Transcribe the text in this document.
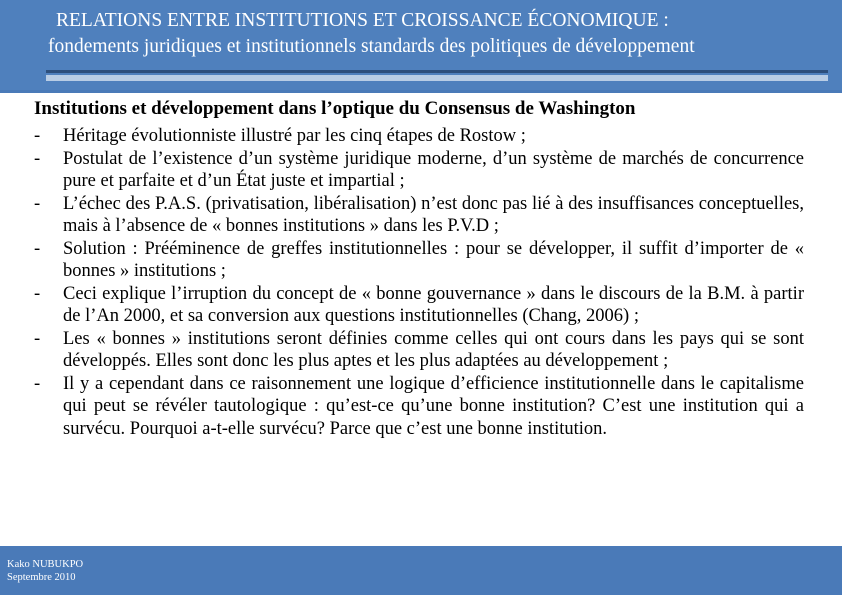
RELATIONS ENTRE INSTITUTIONS ET CROISSANCE ÉCONOMIQUE :
fondements juridiques et institutionnels standards des politiques de développement
Institutions et développement dans l’optique du Consensus de Washington
- Héritage évolutionniste illustré par les cinq étapes de Rostow ;
- Postulat de l’existence d’un système juridique moderne, d’un système de marchés de concurrence pure et parfaite et d’un État juste et impartial ;
- L’échec des P.A.S. (privatisation, libéralisation) n’est donc pas lié à des insuffisances conceptuelles, mais à l’absence de « bonnes institutions » dans les P.V.D ;
- Solution : Prééminence de greffes institutionnelles : pour se développer, il suffit d’importer de « bonnes » institutions ;
- Ceci explique l’irruption du concept de « bonne gouvernance » dans le discours de la B.M. à partir de l’An 2000, et sa conversion aux questions institutionnelles (Chang, 2006) ;
- Les « bonnes » institutions seront définies comme celles qui ont cours dans les pays qui se sont développés. Elles sont donc les plus aptes et les plus adaptées au développement ;
- Il y a cependant dans ce raisonnement une logique d’efficience institutionnelle dans le capitalisme qui peut se révéler tautologique : qu’est-ce qu’une bonne institution? C’est une institution qui a survécu. Pourquoi a-t-elle survécu? Parce que c’est une bonne institution.
Kako NUBUKPO
Septembre 2010
